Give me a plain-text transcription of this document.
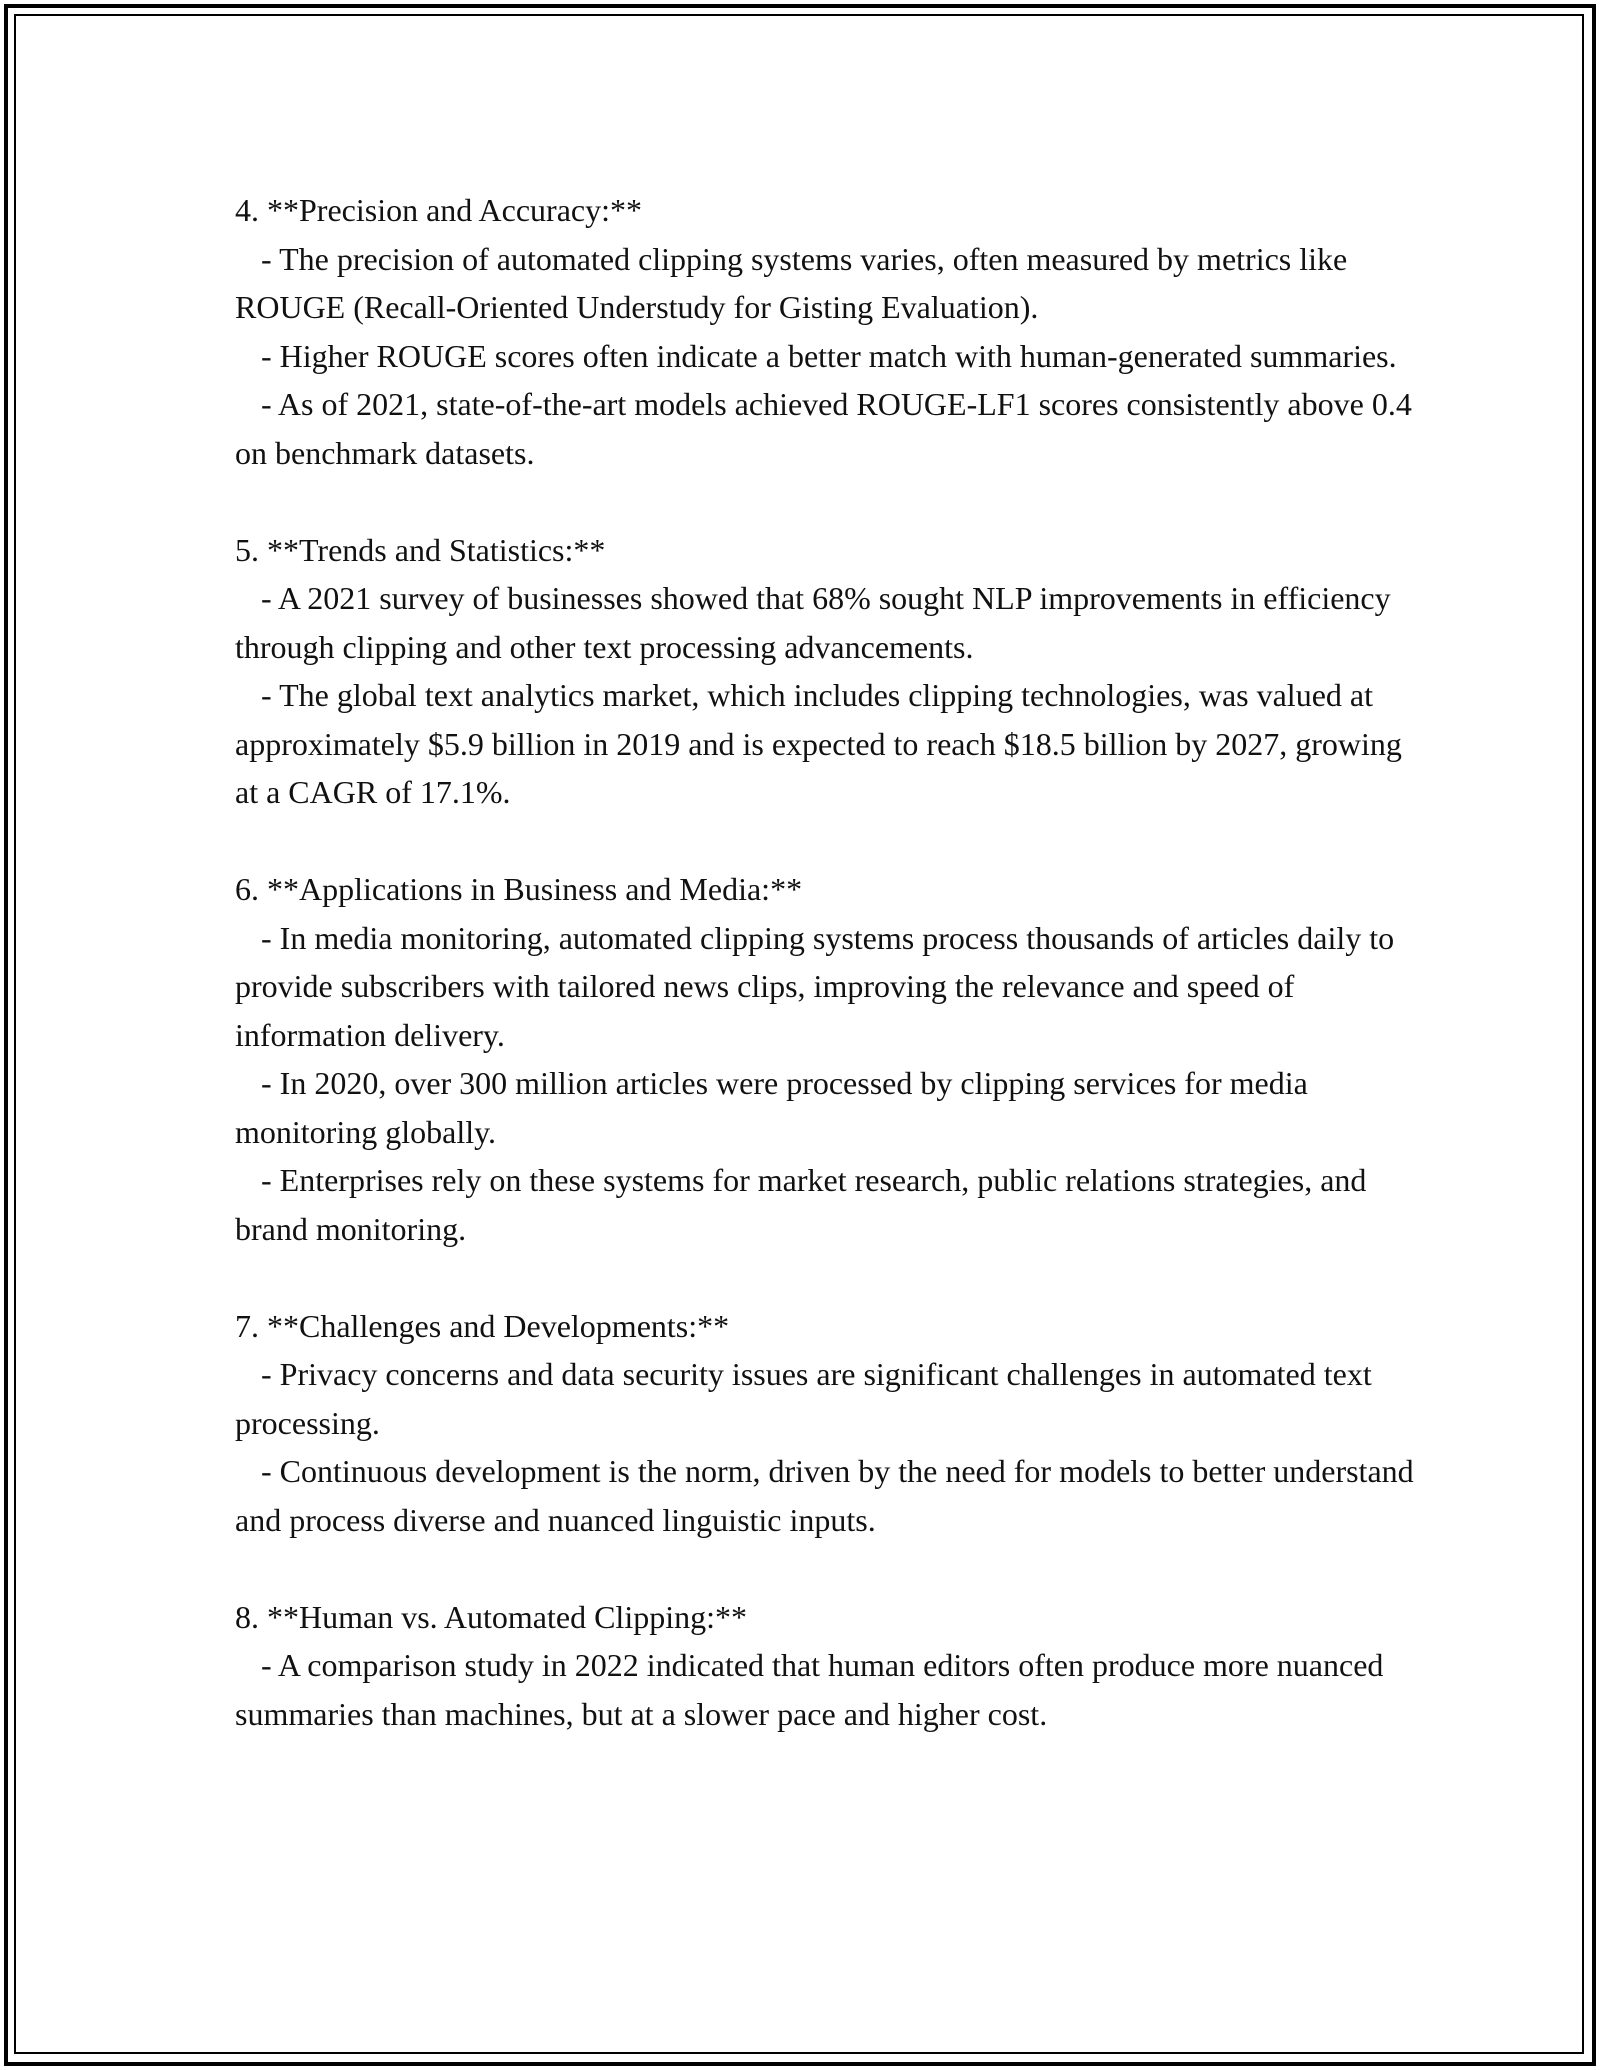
4. **Precision and Accuracy:**

- The precision of automated clipping systems varies, often measured by metrics like ROUGE (Recall-Oriented Understudy for Gisting Evaluation).

- Higher ROUGE scores often indicate a better match with human-generated summaries.

- As of 2021, state-of-the-art models achieved ROUGE-LF1 scores consistently above 0.4 on benchmark datasets.

5. **Trends and Statistics:**

- A 2021 survey of businesses showed that 68% sought NLP improvements in efficiency through clipping and other text processing advancements.

- The global text analytics market, which includes clipping technologies, was valued at approximately $5.9 billion in 2019 and is expected to reach $18.5 billion by 2027, growing at a CAGR of 17.1%.

6. **Applications in Business and Media:**

- In media monitoring, automated clipping systems process thousands of articles daily to provide subscribers with tailored news clips, improving the relevance and speed of information delivery.

- In 2020, over 300 million articles were processed by clipping services for media monitoring globally.

- Enterprises rely on these systems for market research, public relations strategies, and brand monitoring.

7. **Challenges and Developments:**

- Privacy concerns and data security issues are significant challenges in automated text processing.

- Continuous development is the norm, driven by the need for models to better understand and process diverse and nuanced linguistic inputs.

8. **Human vs. Automated Clipping:**

- A comparison study in 2022 indicated that human editors often produce more nuanced summaries than machines, but at a slower pace and higher cost.
